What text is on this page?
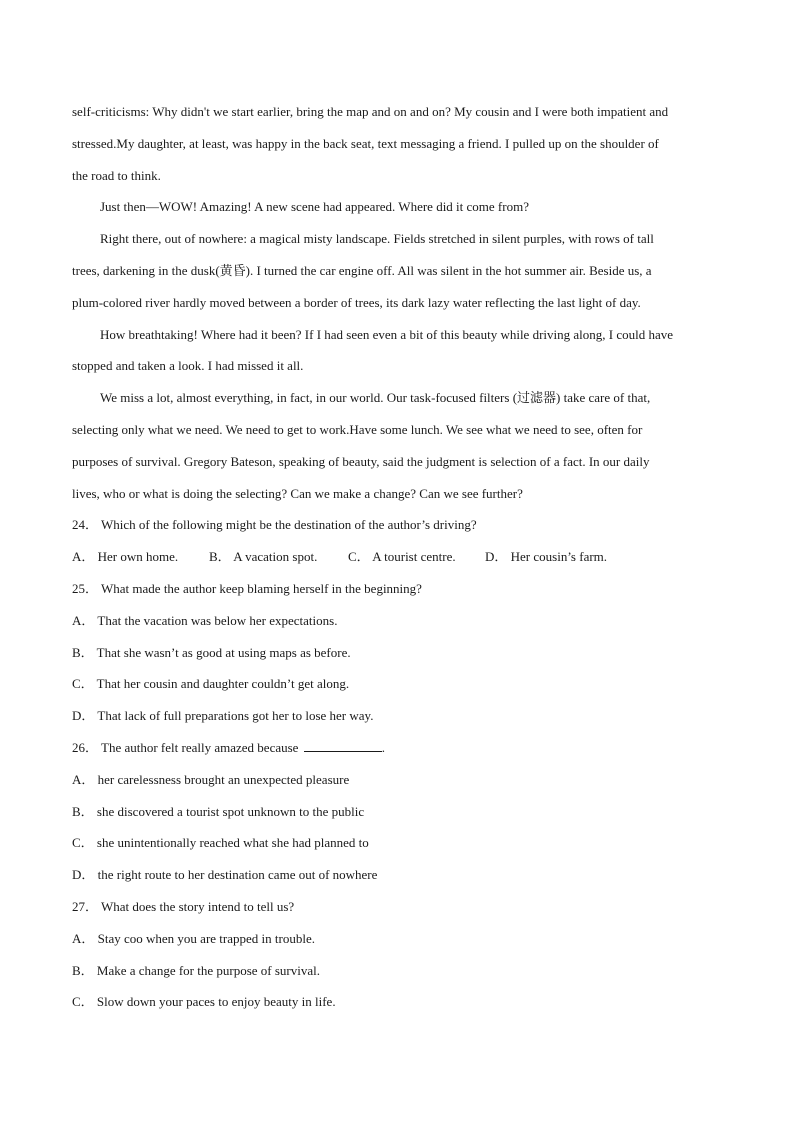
self-criticisms: Why didn't we start earlier, bring the map and on and on? My cousin and I were both impatient and
stressed.My daughter, at least, was happy in the back seat, text messaging a friend. I pulled up on the shoulder of
the road to think.
Just then—WOW! Amazing! A new scene had appeared. Where did it come from?
Right there, out of nowhere: a magical misty landscape. Fields stretched in silent purples, with rows of tall
trees, darkening in the dusk(黄昏). I turned the car engine off. All was silent in the hot summer air. Beside us, a
plum-colored river hardly moved between a border of trees, its dark lazy water reflecting the last light of day.
How breathtaking! Where had it been? If I had seen even a bit of this beauty while driving along, I could have
stopped and taken a look. I had missed it all.
We miss a lot, almost everything, in fact, in our world. Our task-focused filters (过滤器) take care of that,
selecting only what we need. We need to get to work.Have some lunch. We see what we need to see, often for
purposes of survival. Gregory Bateson, speaking of beauty, said the judgment is selection of a fact. In our daily
lives, who or what is doing the selecting? Can we make a change? Can we see further?
24． Which of the following might be the destination of the author’s driving?
A． Her own home.	B． A vacation spot.	C． A tourist centre.	D． Her cousin’s farm.
25． What made the author keep blaming herself in the beginning?
A． That the vacation was below her expectations.
B． That she wasn’t as good at using maps as before.
C． That her cousin and daughter couldn’t get along.
D． That lack of full preparations got her to lose her way.
26． The author felt really amazed because	.
A． her carelessness brought an unexpected pleasure
B． she discovered a tourist spot unknown to the public
C． she unintentionally reached what she had planned to
D． the right route to her destination came out of nowhere
27． What does the story intend to tell us?
A． Stay coo when you are trapped in trouble.
B． Make a change for the purpose of survival.
C． Slow down your paces to enjoy beauty in life.
